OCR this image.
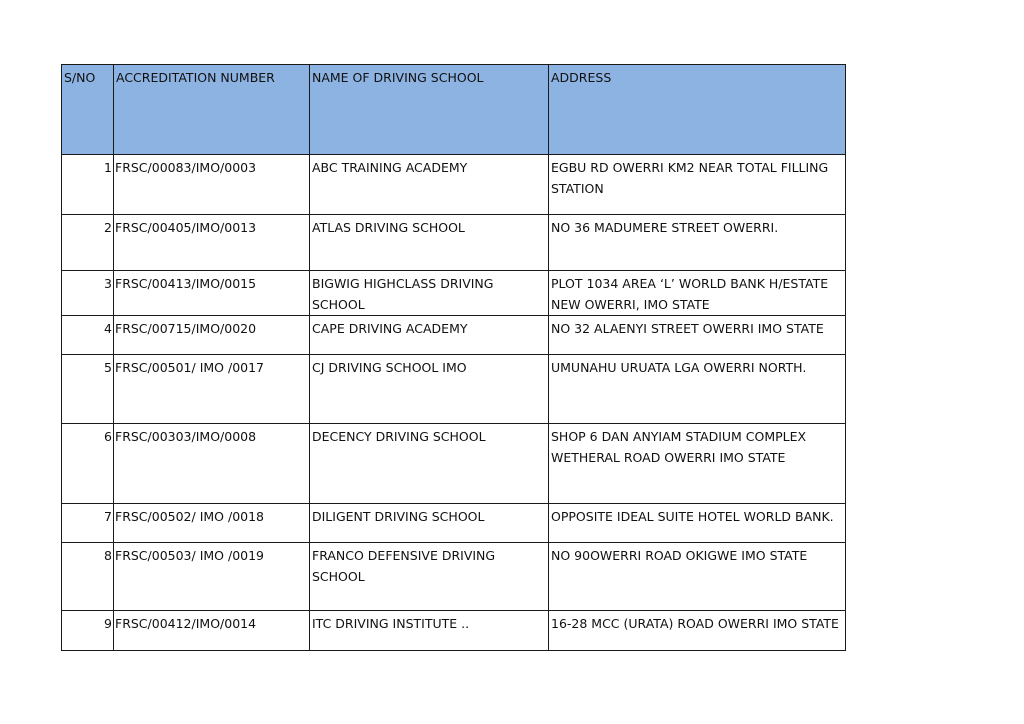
S/NO	ACCREDITATION NUMBER	NAME OF DRIVING SCHOOL	ADDRESS
1	FRSC/00083/IMO/0003	ABC TRAINING ACADEMY	EGBU RD OWERRI KM2 NEAR TOTAL FILLING STATION
2	FRSC/00405/IMO/0013	ATLAS DRIVING SCHOOL	NO 36 MADUMERE STREET OWERRI.
3	FRSC/00413/IMO/0015	BIGWIG HIGHCLASS DRIVING SCHOOL	PLOT 1034 AREA ‘L’ WORLD BANK H/ESTATE NEW OWERRI, IMO STATE
4	FRSC/00715/IMO/0020	CAPE DRIVING ACADEMY	NO 32 ALAENYI STREET OWERRI IMO STATE
5	FRSC/00501/ IMO /0017	CJ DRIVING SCHOOL IMO	UMUNAHU URUATA LGA OWERRI NORTH.
6	FRSC/00303/IMO/0008	DECENCY DRIVING SCHOOL	SHOP 6 DAN ANYIAM STADIUM COMPLEX WETHERAL ROAD OWERRI IMO STATE
7	FRSC/00502/ IMO /0018	DILIGENT DRIVING SCHOOL	OPPOSITE IDEAL SUITE HOTEL WORLD BANK.
8	FRSC/00503/ IMO /0019	FRANCO DEFENSIVE DRIVING SCHOOL	NO 90OWERRI ROAD OKIGWE IMO STATE
9	FRSC/00412/IMO/0014	ITC DRIVING INSTITUTE ..	16-28 MCC (URATA) ROAD OWERRI IMO STATE
